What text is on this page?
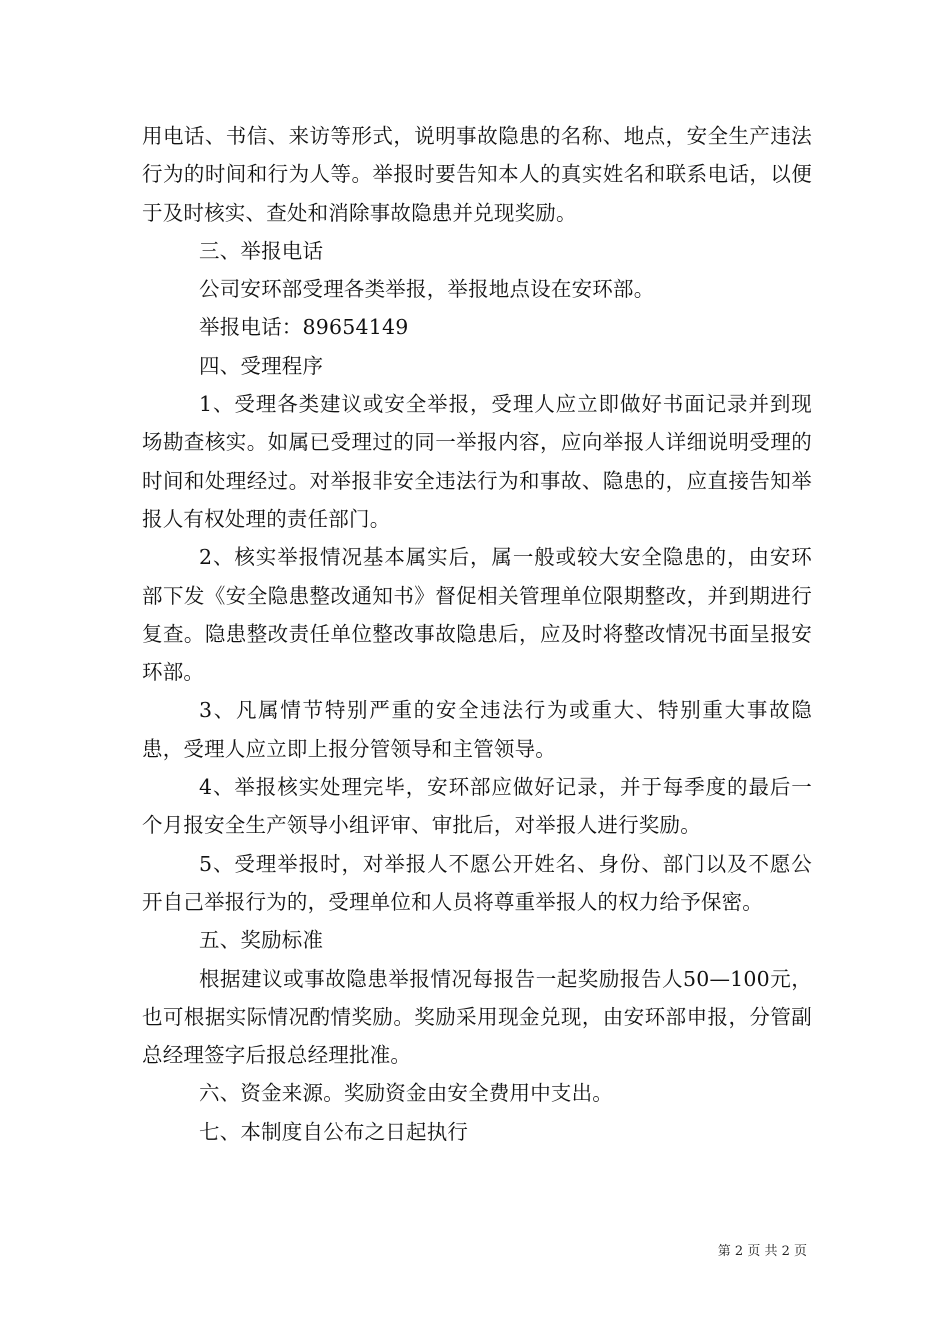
用电话、书信、来访等形式，说明事故隐患的名称、地点，安全生产违法行为的时间和行为人等。举报时要告知本人的真实姓名和联系电话，以便于及时核实、查处和消除事故隐患并兑现奖励。

三、举报电话

公司安环部受理各类举报，举报地点设在安环部。

举报电话：89654149

四、受理程序

1、受理各类建议或安全举报，受理人应立即做好书面记录并到现场勘查核实。如属已受理过的同一举报内容，应向举报人详细说明受理的时间和处理经过。对举报非安全违法行为和事故、隐患的，应直接告知举报人有权处理的责任部门。

2、核实举报情况基本属实后，属一般或较大安全隐患的，由安环部下发《安全隐患整改通知书》督促相关管理单位限期整改，并到期进行复查。隐患整改责任单位整改事故隐患后，应及时将整改情况书面呈报安环部。

3、凡属情节特别严重的安全违法行为或重大、特别重大事故隐患，受理人应立即上报分管领导和主管领导。

4、举报核实处理完毕，安环部应做好记录，并于每季度的最后一个月报安全生产领导小组评审、审批后，对举报人进行奖励。

5、受理举报时，对举报人不愿公开姓名、身份、部门以及不愿公开自己举报行为的，受理单位和人员将尊重举报人的权力给予保密。

五、奖励标准

根据建议或事故隐患举报情况每报告一起奖励报告人50—100元，也可根据实际情况酌情奖励。奖励采用现金兑现，由安环部申报，分管副总经理签字后报总经理批准。

六、资金来源。奖励资金由安全费用中支出。

七、本制度自公布之日起执行

第 2 页 共 2 页
